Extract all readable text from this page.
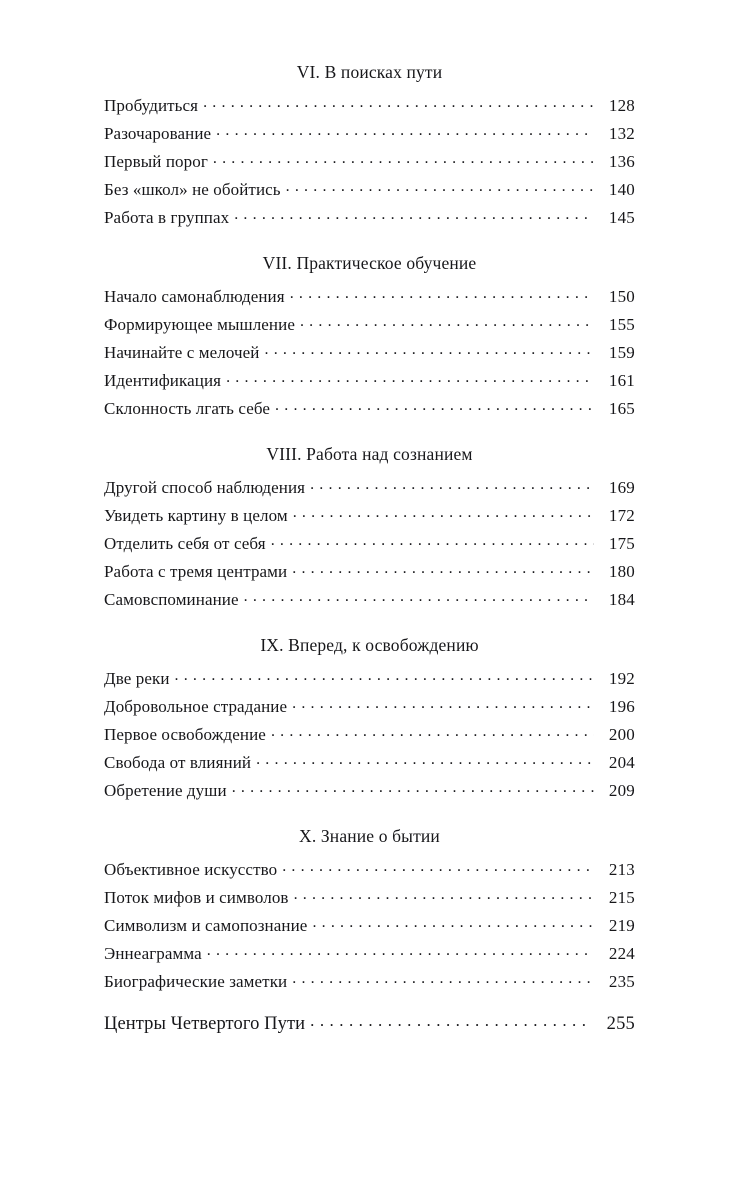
VI. В поисках пути
Пробудиться . . .	128
Разочарование . . .	132
Первый порог . . .	136
Без «школ» не обойтись . . .	140
Работа в группах . . .	145
VII. Практическое обучение
Начало самонаблюдения . . .	150
Формирующее мышление . . .	155
Начинайте с мелочей . . .	159
Идентификация . . .	161
Склонность лгать себе . . .	165
VIII. Работа над сознанием
Другой способ наблюдения . . .	169
Увидеть картину в целом . . .	172
Отделить себя от себя . . .	175
Работа с тремя центрами . . .	180
Самовспоминание . . .	184
IX. Вперед, к освобождению
Две реки . . .	192
Добровольное страдание . . .	196
Первое освобождение . . .	200
Свобода от влияний . . .	204
Обретение души . . .	209
X. Знание о бытии
Объективное искусство . . .	213
Поток мифов и символов . . .	215
Символизм и самопознание . . .	219
Эннеаграмма . . .	224
Биографические заметки . . .	235
Центры Четвертого Пути . . .	255
